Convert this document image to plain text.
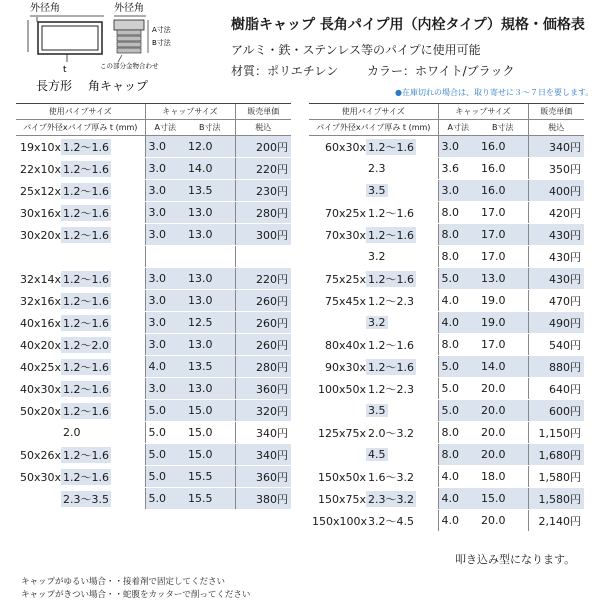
外径角
t
外径角
A寸法
B寸法
この部分金物合わせ
長方形 角キャップ
樹脂キャップ 長角パイプ用（内栓タイプ）規格・価格表
アルミ・鉄・ステンレス等のパイプに使用可能
材質：ポリエチレン カラー：ホワイト/ブラック
●在庫切れの場合は、取り寄せに３～７日を要します。
使用パイプサイズ	キャップサイズ		販売単価
パイプ外径xパイプ厚み t (mm)	A寸法	B寸法	税込
19x10x 1.2～1.6	3.0	12.0	200円
22x10x 1.2～1.6	3.0	14.0	220円
25x12x 1.2～1.6	3.0	13.5	230円
30x16x 1.2～1.6	3.0	13.0	280円
30x20x 1.2～1.6	3.0	13.0	300円

32x14x 1.2～1.6	3.0	13.0	220円
32x16x 1.2～1.6	3.0	13.0	260円
40x16x 1.2～1.6	3.0	12.5	260円
40x20x 1.2～2.0	3.0	13.0	260円
40x25x 1.2～1.6	4.0	13.5	280円
40x30x 1.2～1.6	3.0	13.0	360円
50x20x 1.2～1.6	5.0	15.0	320円
2.0	5.0	15.0	340円
50x26x 1.2～1.6	5.0	15.0	340円
50x30x 1.2～1.6	5.0	15.5	360円
2.3～3.5	5.0	15.5	380円
使用パイプサイズ	キャップサイズ		販売単価
パイプ外径xパイプ厚み t (mm)	A寸法	B寸法	税込
60x30x 1.2～1.6	3.0	16.0	340円
2.3	3.6	16.0	350円
3.5	3.0	16.0	400円
70x25x 1.2～1.6	8.0	17.0	420円
70x30x 1.2～1.6	8.0	17.0	430円
3.2	8.0	17.0	430円
75x25x 1.2～1.6	5.0	13.0	430円
75x45x 1.2～2.3	4.0	19.0	470円
3.2	4.0	19.0	490円
80x40x 1.2～1.6	8.0	17.0	540円
90x30x 1.2～1.6	5.0	14.0	880円
100x50x 1.2～2.3	5.0	20.0	640円
3.5	5.0	20.0	600円
125x75x 2.0～3.2	8.0	20.0	1,150円
4.5	8.0	20.0	1,680円
150x50x 1.6～3.2	4.0	18.0	1,580円
150x75x 2.3～3.2	4.0	15.0	1,580円
150x100x3.2～4.5	4.0	20.0	2,140円
叩き込み型になります。
キャップがゆるい場合・・接着剤で固定してください
キャップがきつい場合・・蛇腹をカッターで削ってください
